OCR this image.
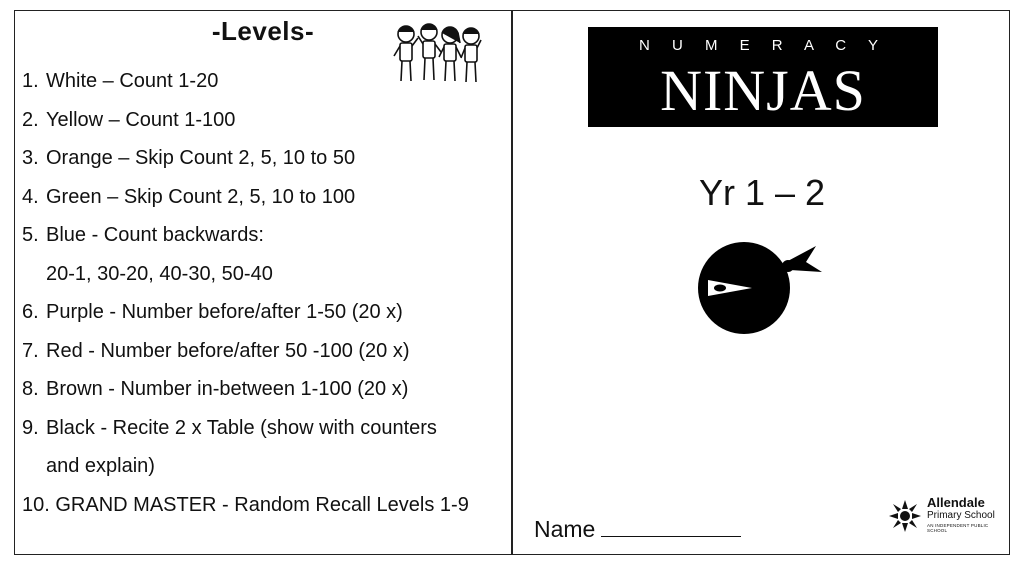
-Levels-
1. White – Count 1-20
2. Yellow – Count 1-100
3. Orange – Skip Count 2, 5, 10 to 50
4. Green – Skip Count 2, 5, 10 to 100
5. Blue - Count backwards:
20-1, 30-20, 40-30, 50-40
6. Purple - Number before/after 1-50 (20 x)
7. Red - Number before/after 50 -100 (20 x)
8. Brown - Number in-between 1-100 (20 x)
9. Black - Recite 2 x Table (show with counters
and explain)
10. GRAND MASTER - Random Recall Levels 1-9
N U M E R A C Y
NINJAS
Yr 1 – 2
Name
Allendale
Primary School
AN INDEPENDENT PUBLIC SCHOOL
